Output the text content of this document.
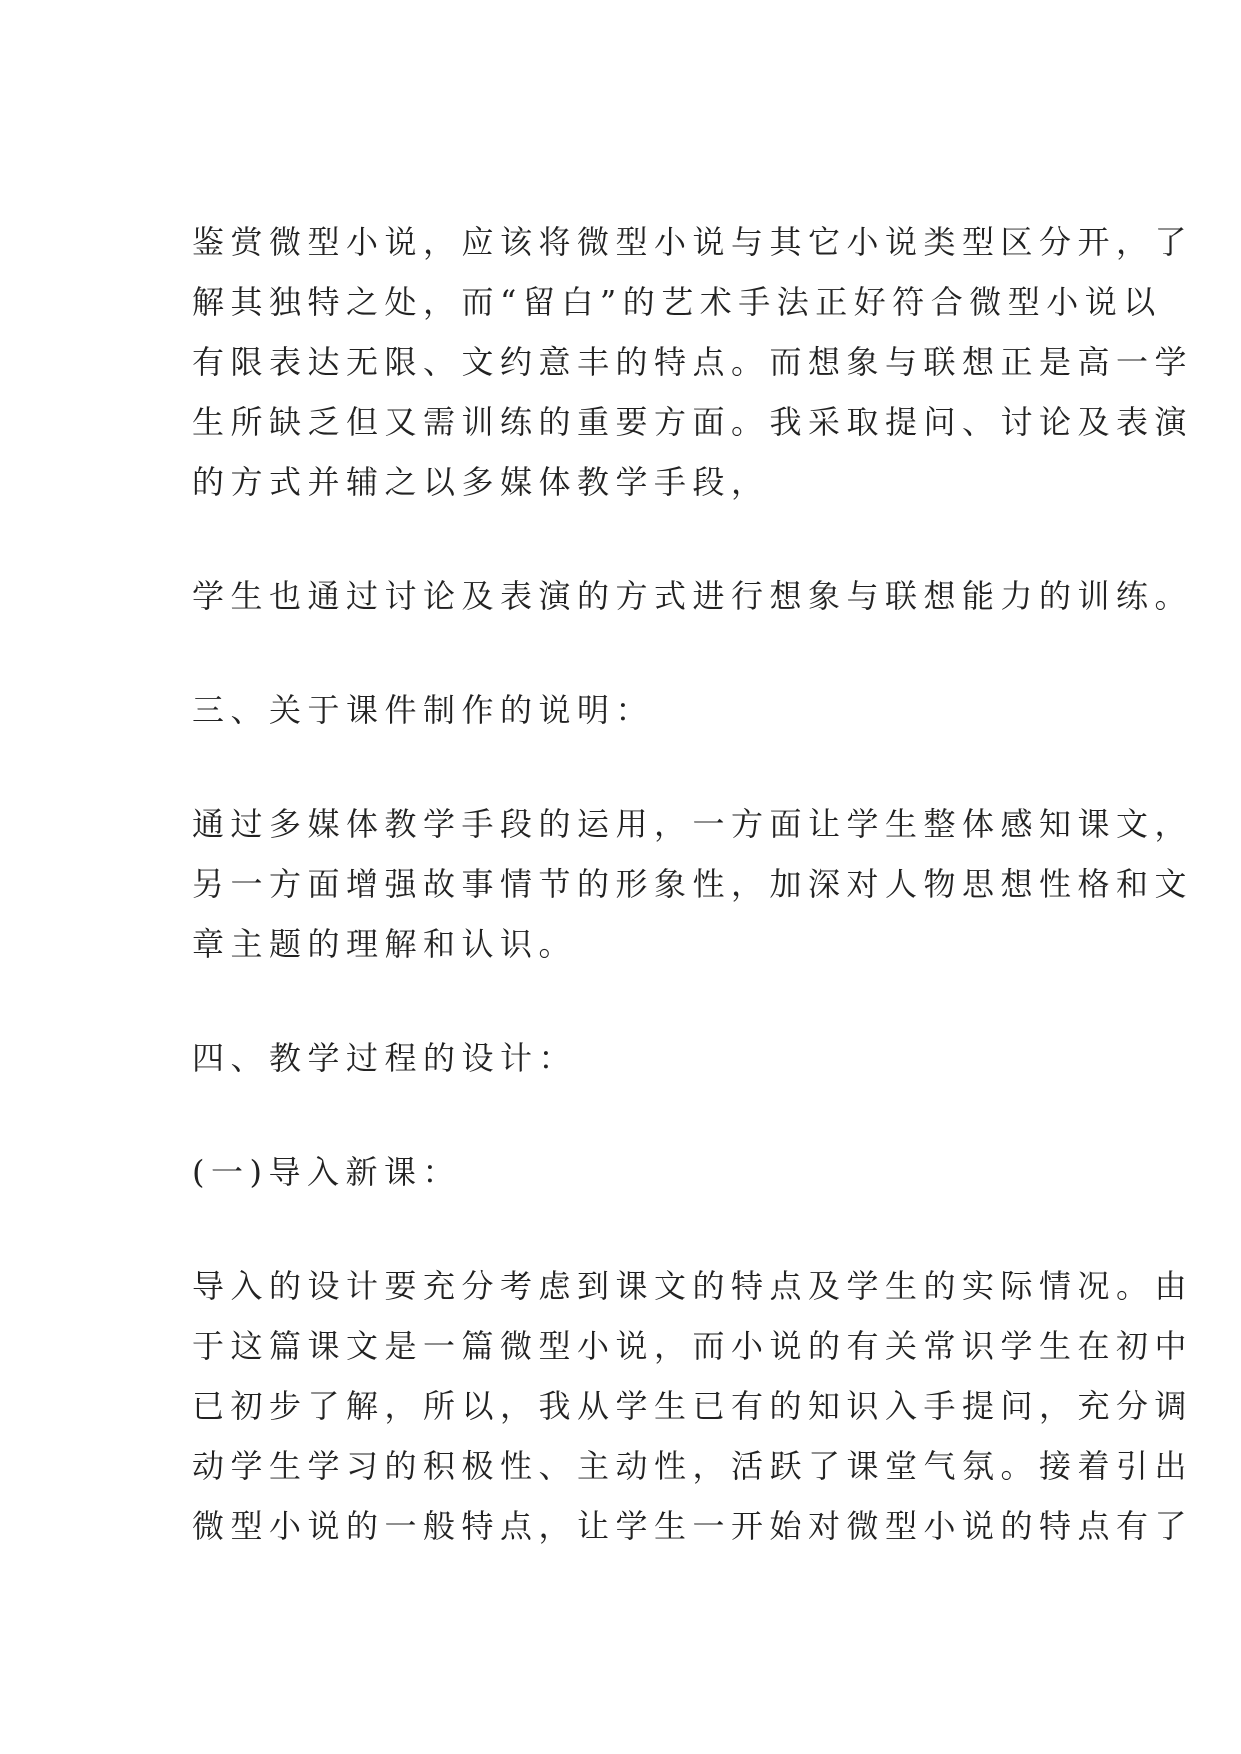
鉴赏微型小说，应该将微型小说与其它小说类型区分开，了
解其独特之处，而“留白”的艺术手法正好符合微型小说以
有限表达无限、文约意丰的特点。而想象与联想正是高一学
生所缺乏但又需训练的重要方面。我采取提问、讨论及表演
的方式并辅之以多媒体教学手段，
学生也通过讨论及表演的方式进行想象与联想能力的训练。
三、关于课件制作的说明：
通过多媒体教学手段的运用，一方面让学生整体感知课文，
另一方面增强故事情节的形象性，加深对人物思想性格和文
章主题的理解和认识。
四、教学过程的设计：
(一)导入新课：
导入的设计要充分考虑到课文的特点及学生的实际情况。由
于这篇课文是一篇微型小说，而小说的有关常识学生在初中
已初步了解，所以，我从学生已有的知识入手提问，充分调
动学生学习的积极性、主动性，活跃了课堂气氛。接着引出
微型小说的一般特点，让学生一开始对微型小说的特点有了
